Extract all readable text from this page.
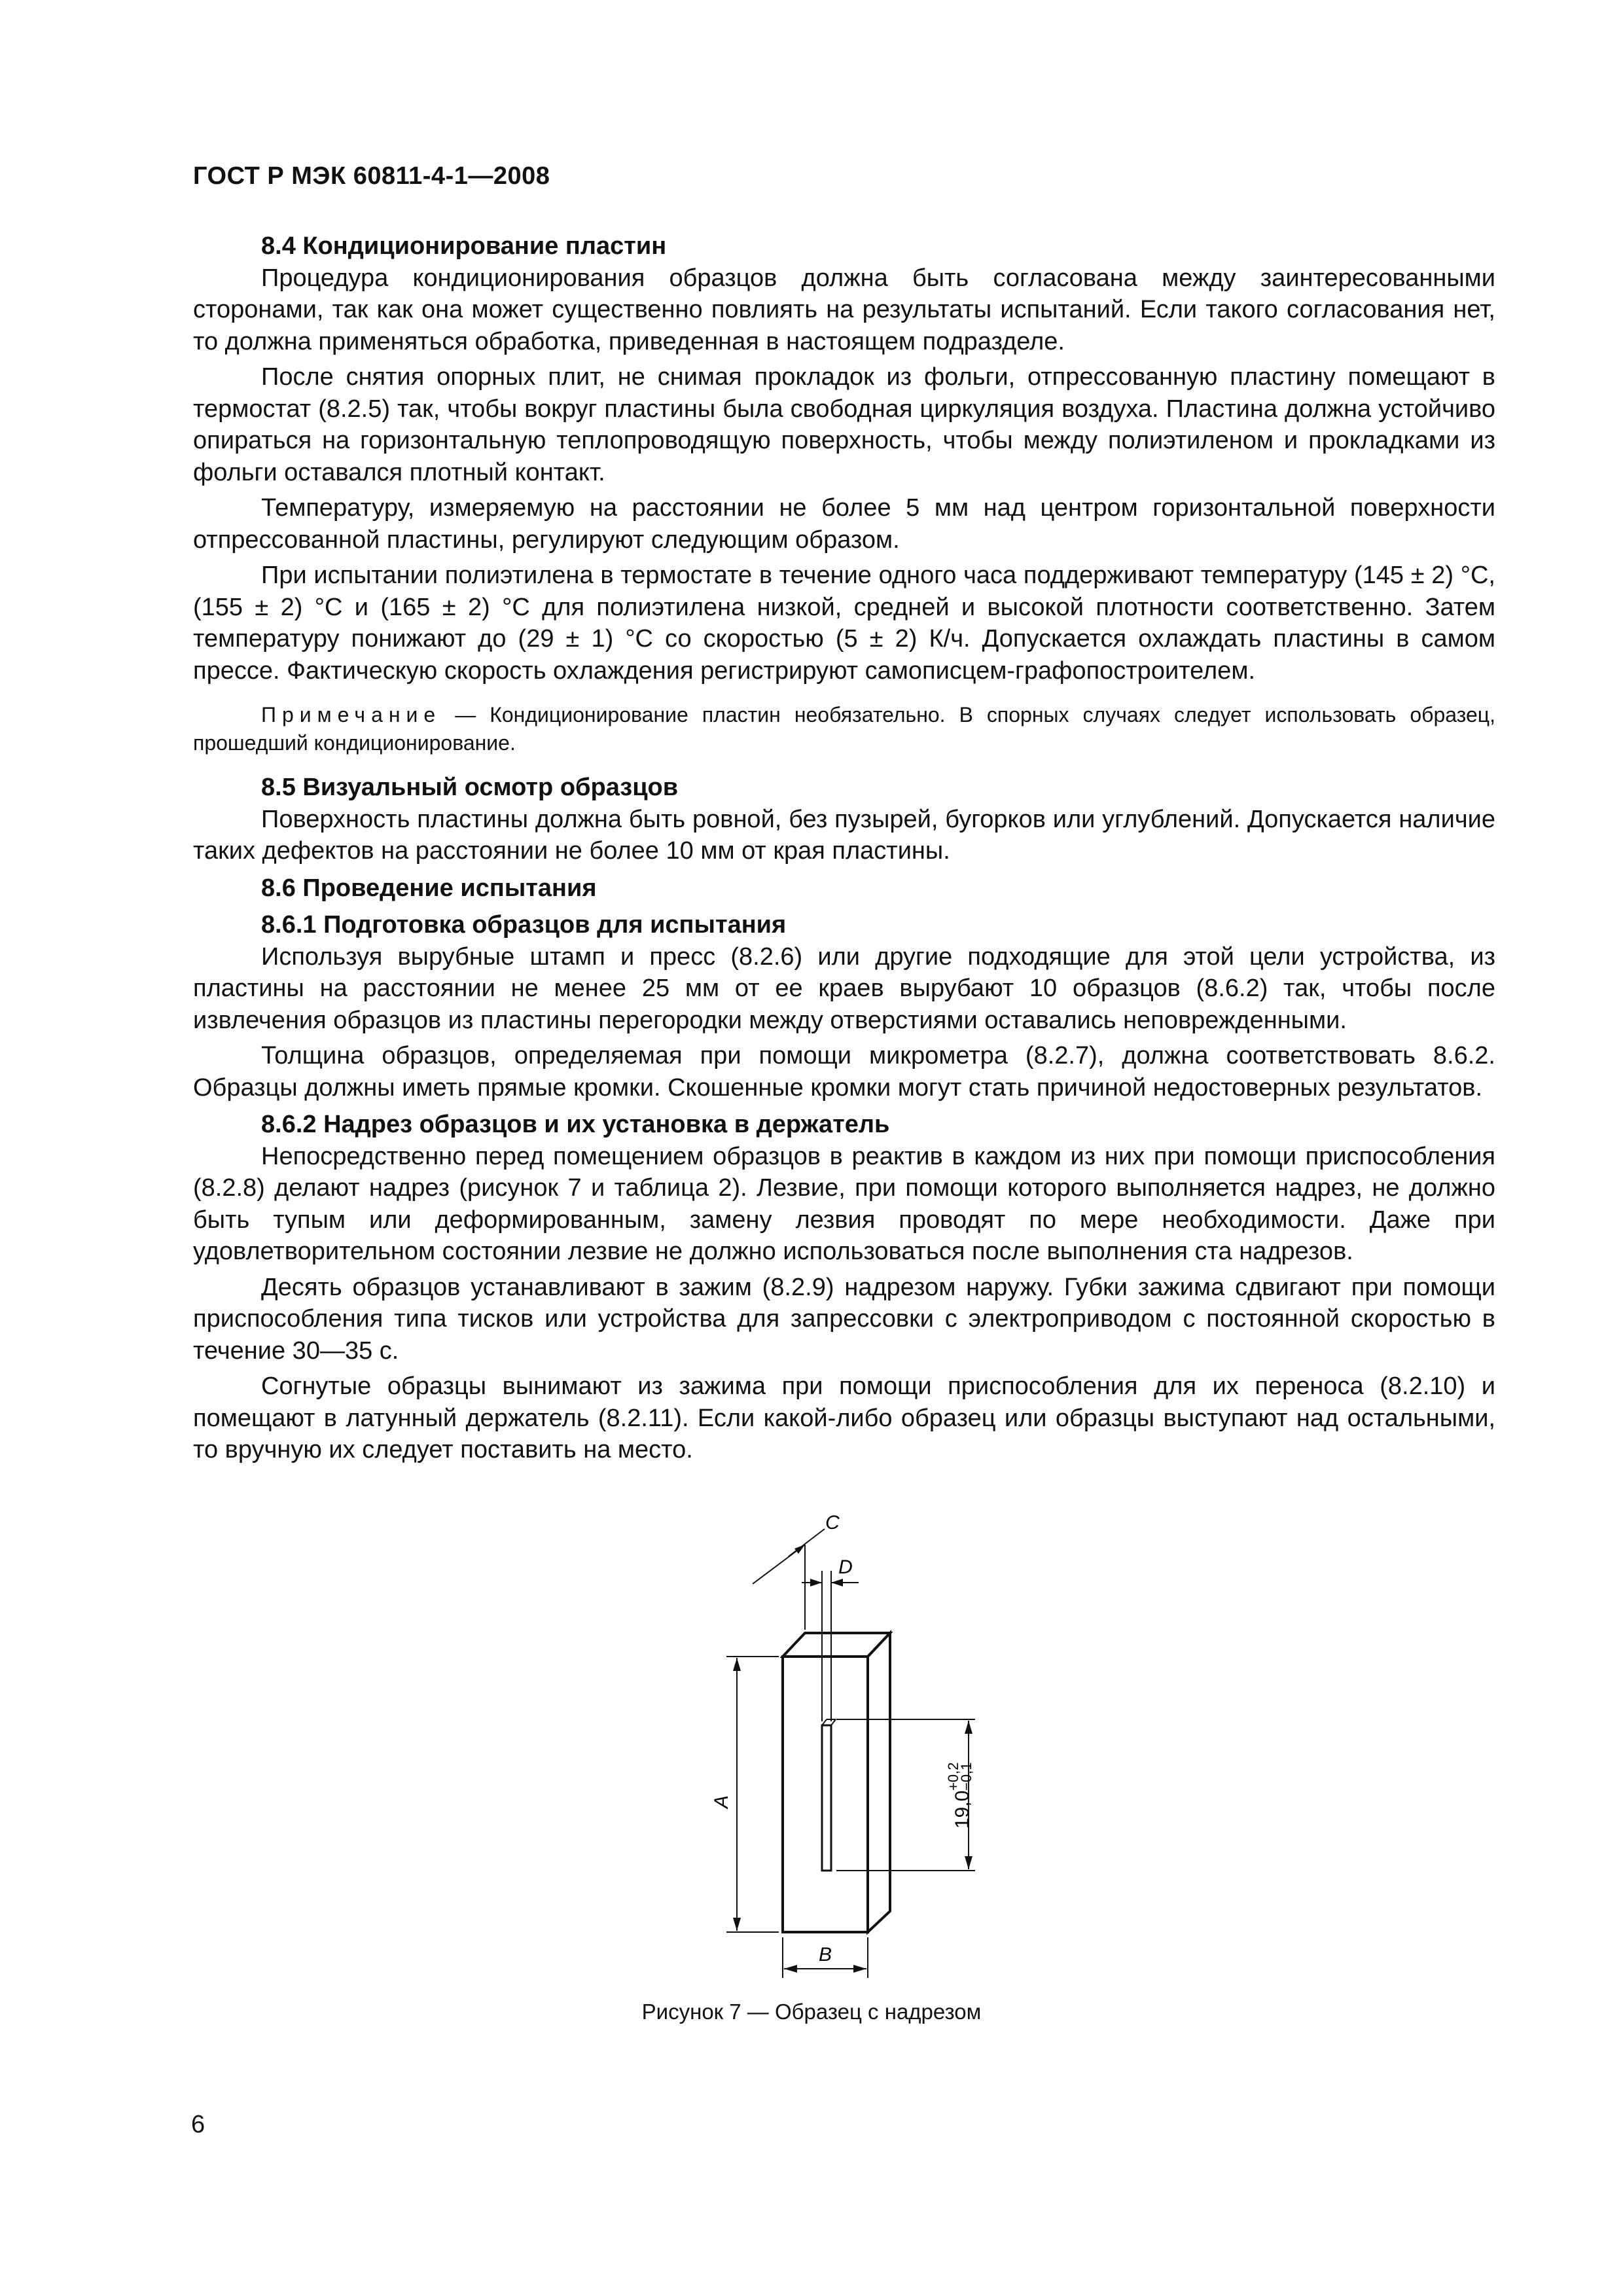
ГОСТ Р МЭК 60811-4-1—2008
8.4 Кондиционирование пластин

Процедура кондиционирования образцов должна быть согласована между заинтересованными сторонами, так как она может существенно повлиять на результаты испытаний. Если такого согласования нет, то должна применяться обработка, приведенная в настоящем подразделе.

После снятия опорных плит, не снимая прокладок из фольги, отпрессованную пластину помещают в термостат (8.2.5) так, чтобы вокруг пластины была свободная циркуляция воздуха. Пластина должна устойчиво опираться на горизонтальную теплопроводящую поверхность, чтобы между полиэтиленом и прокладками из фольги оставался плотный контакт.

Температуру, измеряемую на расстоянии не более 5 мм над центром горизонтальной поверхности отпрессованной пластины, регулируют следующим образом.

При испытании полиэтилена в термостате в течение одного часа поддерживают температуру (145 ± 2) °С, (155 ± 2) °С и (165 ± 2) °С для полиэтилена низкой, средней и высокой плотности соответственно. Затем температуру понижают до (29 ± 1) °С со скоростью (5 ± 2) К/ч. Допускается охлаждать пластины в самом прессе. Фактическую скорость охлаждения регистрируют самописцем-графопостроителем.

Примечание — Кондиционирование пластин необязательно. В спорных случаях следует использовать образец, прошедший кондиционирование.

8.5 Визуальный осмотр образцов

Поверхность пластины должна быть ровной, без пузырей, бугорков или углублений. Допускается наличие таких дефектов на расстоянии не более 10 мм от края пластины.

8.6 Проведение испытания
8.6.1 Подготовка образцов для испытания

Используя вырубные штамп и пресс (8.2.6) или другие подходящие для этой цели устройства, из пластины на расстоянии не менее 25 мм от ее краев вырубают 10 образцов (8.6.2) так, чтобы после извлечения образцов из пластины перегородки между отверстиями оставались неповрежденными.

Толщина образцов, определяемая при помощи микрометра (8.2.7), должна соответствовать 8.6.2. Образцы должны иметь прямые кромки. Скошенные кромки могут стать причиной недостоверных результатов.

8.6.2 Надрез образцов и их установка в держатель

Непосредственно перед помещением образцов в реактив в каждом из них при помощи приспособления (8.2.8) делают надрез (рисунок 7 и таблица 2). Лезвие, при помощи которого выполняется надрез, не должно быть тупым или деформированным, замену лезвия проводят по мере необходимости. Даже при удовлетворительном состоянии лезвие не должно использоваться после выполнения ста надрезов.

Десять образцов устанавливают в зажим (8.2.9) надрезом наружу. Губки зажима сдвигают при помощи приспособления типа тисков или устройства для запрессовки с электроприводом с постоянной скоростью в течение 30—35 с.

Согнутые образцы вынимают из зажима при помощи приспособления для их переноса (8.2.10) и помещают в латунный держатель (8.2.11). Если какой-либо образец или образцы выступают над остальными, то вручную их следует поставить на место.

A
B
C
D
19,0
+0,2
−0,1
Рисунок 7 — Образец с надрезом
6
